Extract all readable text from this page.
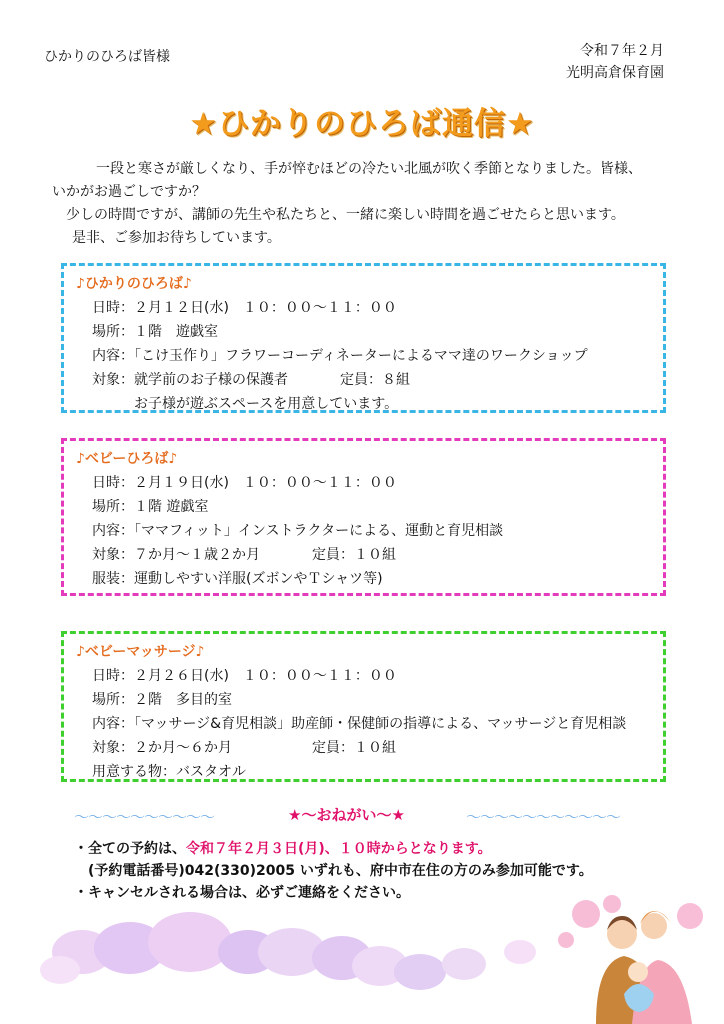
ひかりのひろば皆様	令和７年２月
光明高倉保育園
★ひかりのひろば通信★

一段と寒さが厳しくなり、手が悴むほどの冷たい北風が吹く季節となりました。皆様、

いかがお過ごしですか？

少しの時間ですが、講師の先生や私たちと、一緒に楽しい時間を過ごせたらと思います。

是非、ご参加お待ちしています。

♪ひかりのひろば♪
日時：２月１２日(水)　１０：００～１１：００
場所：１階　遊戯室
内容：「こけ玉作り」フラワーコーディネーターによるママ達のワークショップ
対象：就学前のお子様の保護者	定員：８組
お子様が遊ぶスペースを用意しています。
♪ベビーひろば♪
日時：２月１９日(水)　１０：００～１１：００
場所：１階 遊戯室
内容：「ママフィット」インストラクターによる、運動と育児相談
対象：７か月～１歳２か月	定員：１０組
服装：運動しやすい洋服(ズボンやＴシャツ等)
♪ベビーマッサージ♪
日時：２月２６日(水)　１０：００～１１：００
場所：２階　多目的室
内容：「マッサージ&育児相談」助産師・保健師の指導による、マッサージと育児相談
対象：２か月～６か月	定員：１０組
用意する物：バスタオル
～～～～～～～～～～	★～おねがい～★	～～～～～～～～～～～
・全ての予約は、令和７年２月３日(月)、１０時からとなります。
(予約電話番号)042(330)2005 いずれも、府中市在住の方のみ参加可能です。
・キャンセルされる場合は、必ずご連絡をください。
